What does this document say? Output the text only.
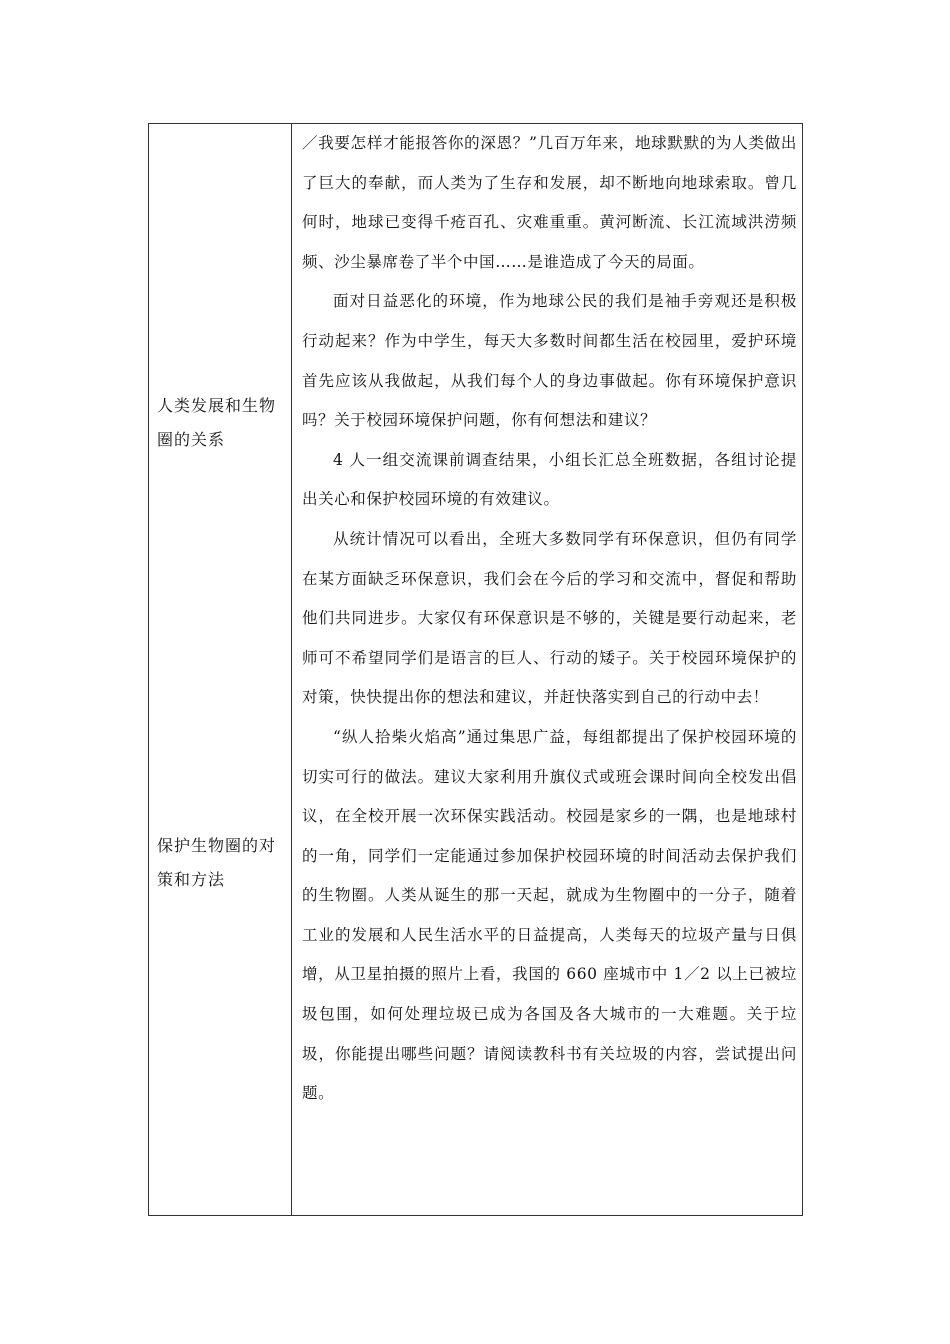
人类发展和生物圈的关系
保护生物圈的对策和方法

／我要怎样才能报答你的深恩？”几百万年来，地球默默的为人类做出了巨大的奉献，而人类为了生存和发展，却不断地向地球索取。曾几何时，地球已变得千疮百孔、灾难重重。黄河断流、长江流域洪涝频频、沙尘暴席卷了半个中国……是谁造成了今天的局面。

面对日益恶化的环境，作为地球公民的我们是袖手旁观还是积极行动起来？作为中学生，每天大多数时间都生活在校园里，爱护环境首先应该从我做起，从我们每个人的身边事做起。你有环境保护意识吗？关于校园环境保护问题，你有何想法和建议？

4 人一组交流课前调查结果，小组长汇总全班数据，各组讨论提出关心和保护校园环境的有效建议。

从统计情况可以看出，全班大多数同学有环保意识，但仍有同学在某方面缺乏环保意识，我们会在今后的学习和交流中，督促和帮助他们共同进步。大家仅有环保意识是不够的，关键是要行动起来，老师可不希望同学们是语言的巨人、行动的矮子。关于校园环境保护的对策，快快提出你的想法和建议，并赶快落实到自己的行动中去！

“纵人拾柴火焰高”通过集思广益，每组都提出了保护校园环境的切实可行的做法。建议大家利用升旗仪式或班会课时间向全校发出倡议，在全校开展一次环保实践活动。校园是家乡的一隅，也是地球村的一角，同学们一定能通过参加保护校园环境的时间活动去保护我们的生物圈。人类从诞生的那一天起，就成为生物圈中的一分子，随着工业的发展和人民生活水平的日益提高，人类每天的垃圾产量与日俱增，从卫星拍摄的照片上看，我国的 660 座城市中 1／2 以上已被垃圾包围，如何处理垃圾已成为各国及各大城市的一大难题。关于垃圾，你能提出哪些问题？请阅读教科书有关垃圾的内容，尝试提出问题。
